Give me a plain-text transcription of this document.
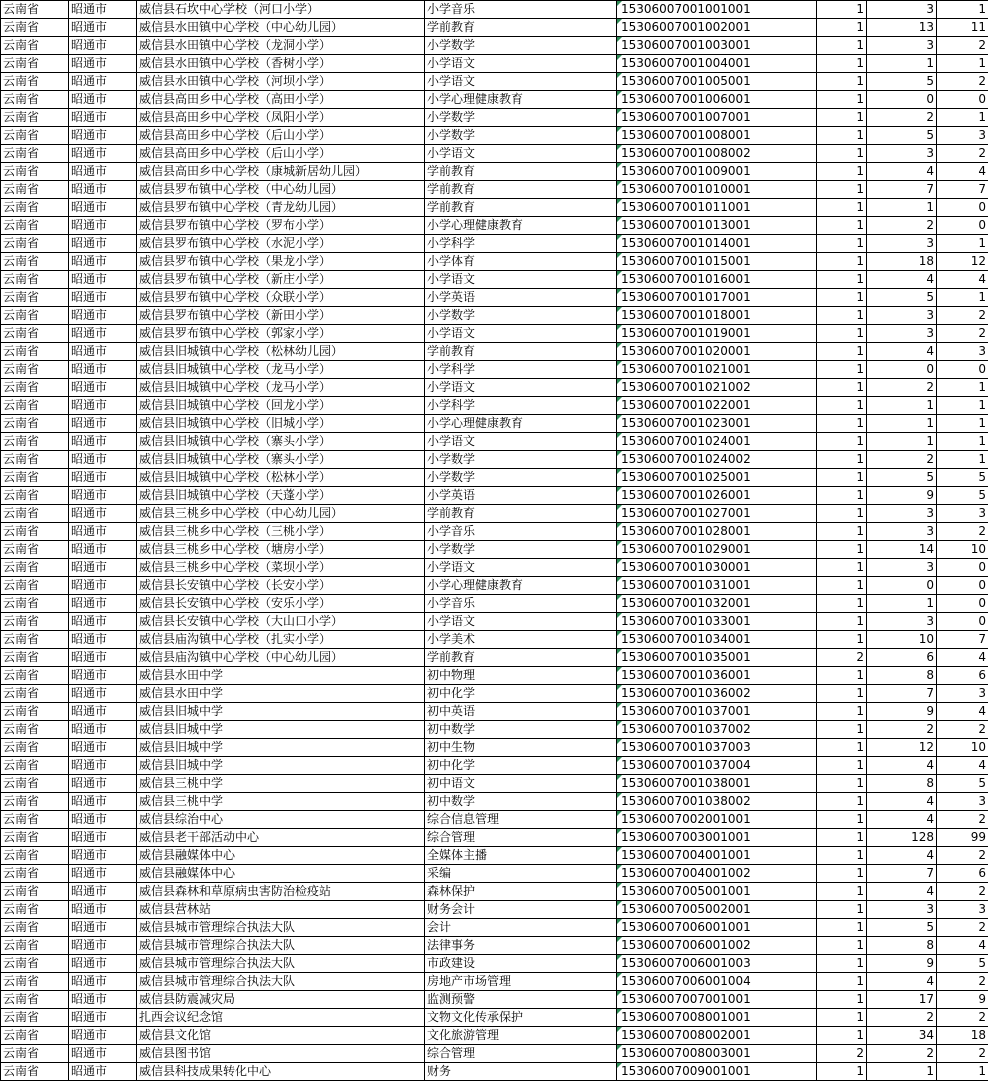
云南省	昭通市	威信县石坎中心学校（河口小学）	小学音乐	15306007001001001	1	3	1
云南省	昭通市	威信县水田镇中心学校（中心幼儿园）	学前教育	15306007001002001	1	13	11
云南省	昭通市	威信县水田镇中心学校（龙洞小学）	小学数学	15306007001003001	1	3	2
云南省	昭通市	威信县水田镇中心学校（香树小学）	小学语文	15306007001004001	1	1	1
云南省	昭通市	威信县水田镇中心学校（河坝小学）	小学语文	15306007001005001	1	5	2
云南省	昭通市	威信县高田乡中心学校（高田小学）	小学心理健康教育	15306007001006001	1	0	0
云南省	昭通市	威信县高田乡中心学校（凤阳小学）	小学数学	15306007001007001	1	2	1
云南省	昭通市	威信县高田乡中心学校（后山小学）	小学数学	15306007001008001	1	5	3
云南省	昭通市	威信县高田乡中心学校（后山小学）	小学语文	15306007001008002	1	3	2
云南省	昭通市	威信县高田乡中心学校（康城新居幼儿园）	学前教育	15306007001009001	1	4	4
云南省	昭通市	威信县罗布镇中心学校（中心幼儿园）	学前教育	15306007001010001	1	7	7
云南省	昭通市	威信县罗布镇中心学校（青龙幼儿园）	学前教育	15306007001011001	1	1	0
云南省	昭通市	威信县罗布镇中心学校（罗布小学）	小学心理健康教育	15306007001013001	1	2	0
云南省	昭通市	威信县罗布镇中心学校（水泥小学）	小学科学	15306007001014001	1	3	1
云南省	昭通市	威信县罗布镇中心学校（果龙小学）	小学体育	15306007001015001	1	18	12
云南省	昭通市	威信县罗布镇中心学校（新庄小学）	小学语文	15306007001016001	1	4	4
云南省	昭通市	威信县罗布镇中心学校（众联小学）	小学英语	15306007001017001	1	5	1
云南省	昭通市	威信县罗布镇中心学校（新田小学）	小学数学	15306007001018001	1	3	2
云南省	昭通市	威信县罗布镇中心学校（郭家小学）	小学语文	15306007001019001	1	3	2
云南省	昭通市	威信县旧城镇中心学校（松林幼儿园）	学前教育	15306007001020001	1	4	3
云南省	昭通市	威信县旧城镇中心学校（龙马小学）	小学科学	15306007001021001	1	0	0
云南省	昭通市	威信县旧城镇中心学校（龙马小学）	小学语文	15306007001021002	1	2	1
云南省	昭通市	威信县旧城镇中心学校（回龙小学）	小学科学	15306007001022001	1	1	1
云南省	昭通市	威信县旧城镇中心学校（旧城小学）	小学心理健康教育	15306007001023001	1	1	1
云南省	昭通市	威信县旧城镇中心学校（寨头小学）	小学语文	15306007001024001	1	1	1
云南省	昭通市	威信县旧城镇中心学校（寨头小学）	小学数学	15306007001024002	1	2	1
云南省	昭通市	威信县旧城镇中心学校（松林小学）	小学数学	15306007001025001	1	5	5
云南省	昭通市	威信县旧城镇中心学校（天蓬小学）	小学英语	15306007001026001	1	9	5
云南省	昭通市	威信县三桃乡中心学校（中心幼儿园）	学前教育	15306007001027001	1	3	3
云南省	昭通市	威信县三桃乡中心学校（三桃小学）	小学音乐	15306007001028001	1	3	2
云南省	昭通市	威信县三桃乡中心学校（塘房小学）	小学数学	15306007001029001	1	14	10
云南省	昭通市	威信县三桃乡中心学校（菜坝小学）	小学语文	15306007001030001	1	3	0
云南省	昭通市	威信县长安镇中心学校（长安小学）	小学心理健康教育	15306007001031001	1	0	0
云南省	昭通市	威信县长安镇中心学校（安乐小学）	小学音乐	15306007001032001	1	1	0
云南省	昭通市	威信县长安镇中心学校（大山口小学）	小学语文	15306007001033001	1	3	0
云南省	昭通市	威信县庙沟镇中心学校（扎实小学）	小学美术	15306007001034001	1	10	7
云南省	昭通市	威信县庙沟镇中心学校（中心幼儿园）	学前教育	15306007001035001	2	6	4
云南省	昭通市	威信县水田中学	初中物理	15306007001036001	1	8	6
云南省	昭通市	威信县水田中学	初中化学	15306007001036002	1	7	3
云南省	昭通市	威信县旧城中学	初中英语	15306007001037001	1	9	4
云南省	昭通市	威信县旧城中学	初中数学	15306007001037002	1	2	2
云南省	昭通市	威信县旧城中学	初中生物	15306007001037003	1	12	10
云南省	昭通市	威信县旧城中学	初中化学	15306007001037004	1	4	4
云南省	昭通市	威信县三桃中学	初中语文	15306007001038001	1	8	5
云南省	昭通市	威信县三桃中学	初中数学	15306007001038002	1	4	3
云南省	昭通市	威信县综治中心	综合信息管理	15306007002001001	1	4	2
云南省	昭通市	威信县老干部活动中心	综合管理	15306007003001001	1	128	99
云南省	昭通市	威信县融媒体中心	全媒体主播	15306007004001001	1	4	2
云南省	昭通市	威信县融媒体中心	采编	15306007004001002	1	7	6
云南省	昭通市	威信县森林和草原病虫害防治检疫站	森林保护	15306007005001001	1	4	2
云南省	昭通市	威信县营林站	财务会计	15306007005002001	1	3	3
云南省	昭通市	威信县城市管理综合执法大队	会计	15306007006001001	1	5	2
云南省	昭通市	威信县城市管理综合执法大队	法律事务	15306007006001002	1	8	4
云南省	昭通市	威信县城市管理综合执法大队	市政建设	15306007006001003	1	9	5
云南省	昭通市	威信县城市管理综合执法大队	房地产市场管理	15306007006001004	1	4	2
云南省	昭通市	威信县防震减灾局	监测预警	15306007007001001	1	17	9
云南省	昭通市	扎西会议纪念馆	文物文化传承保护	15306007008001001	1	2	2
云南省	昭通市	威信县文化馆	文化旅游管理	15306007008002001	1	34	18
云南省	昭通市	威信县图书馆	综合管理	15306007008003001	2	2	2
云南省	昭通市	威信县科技成果转化中心	财务	15306007009001001	1	1	1
